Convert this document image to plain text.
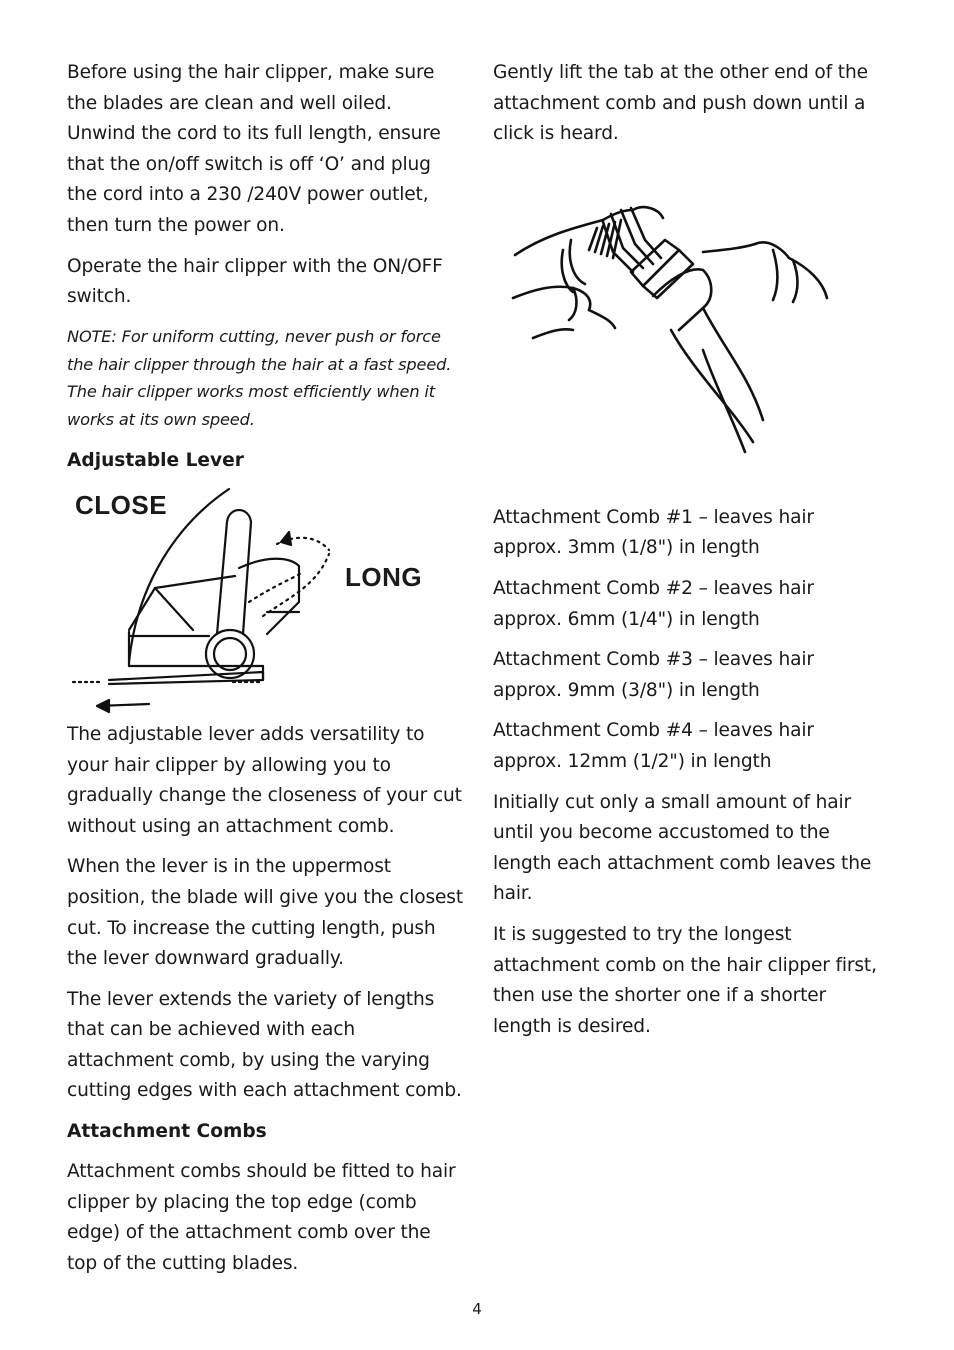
Before using the hair clipper, make sure the blades are clean and well oiled. Unwind the cord to its full length, ensure that the on/off switch is off ‘O’ and plug the cord into a 230 /240V power outlet, then turn the power on.

Operate the hair clipper with the ON/OFF switch.

NOTE: For uniform cutting, never push or force the hair clipper through the hair at a fast speed. The hair clipper works most efficiently when it works at its own speed.

Adjustable Lever
CLOSE
LONG

The adjustable lever adds versatility to your hair clipper by allowing you to gradually change the closeness of your cut without using an attachment comb.

When the lever is in the uppermost position, the blade will give you the closest cut. To increase the cutting length, push the lever downward gradually.

The lever extends the variety of lengths that can be achieved with each attachment comb, by using the varying cutting edges with each attachment comb.

Attachment Combs

Attachment combs should be fitted to hair clipper by placing the top edge (comb edge) of the attachment comb over the top of the cutting blades.

Gently lift the tab at the other end of the attachment comb and push down until a click is heard.

Attachment Comb #1 – leaves hair approx. 3mm (1/8") in length

Attachment Comb #2 – leaves hair approx. 6mm (1/4") in length

Attachment Comb #3 – leaves hair approx. 9mm (3/8") in length

Attachment Comb #4 – leaves hair approx. 12mm (1/2") in length

Initially cut only a small amount of hair until you become accustomed to the length each attachment comb leaves the hair.

It is suggested to try the longest attachment comb on the hair clipper first, then use the shorter one if a shorter length is desired.

4
